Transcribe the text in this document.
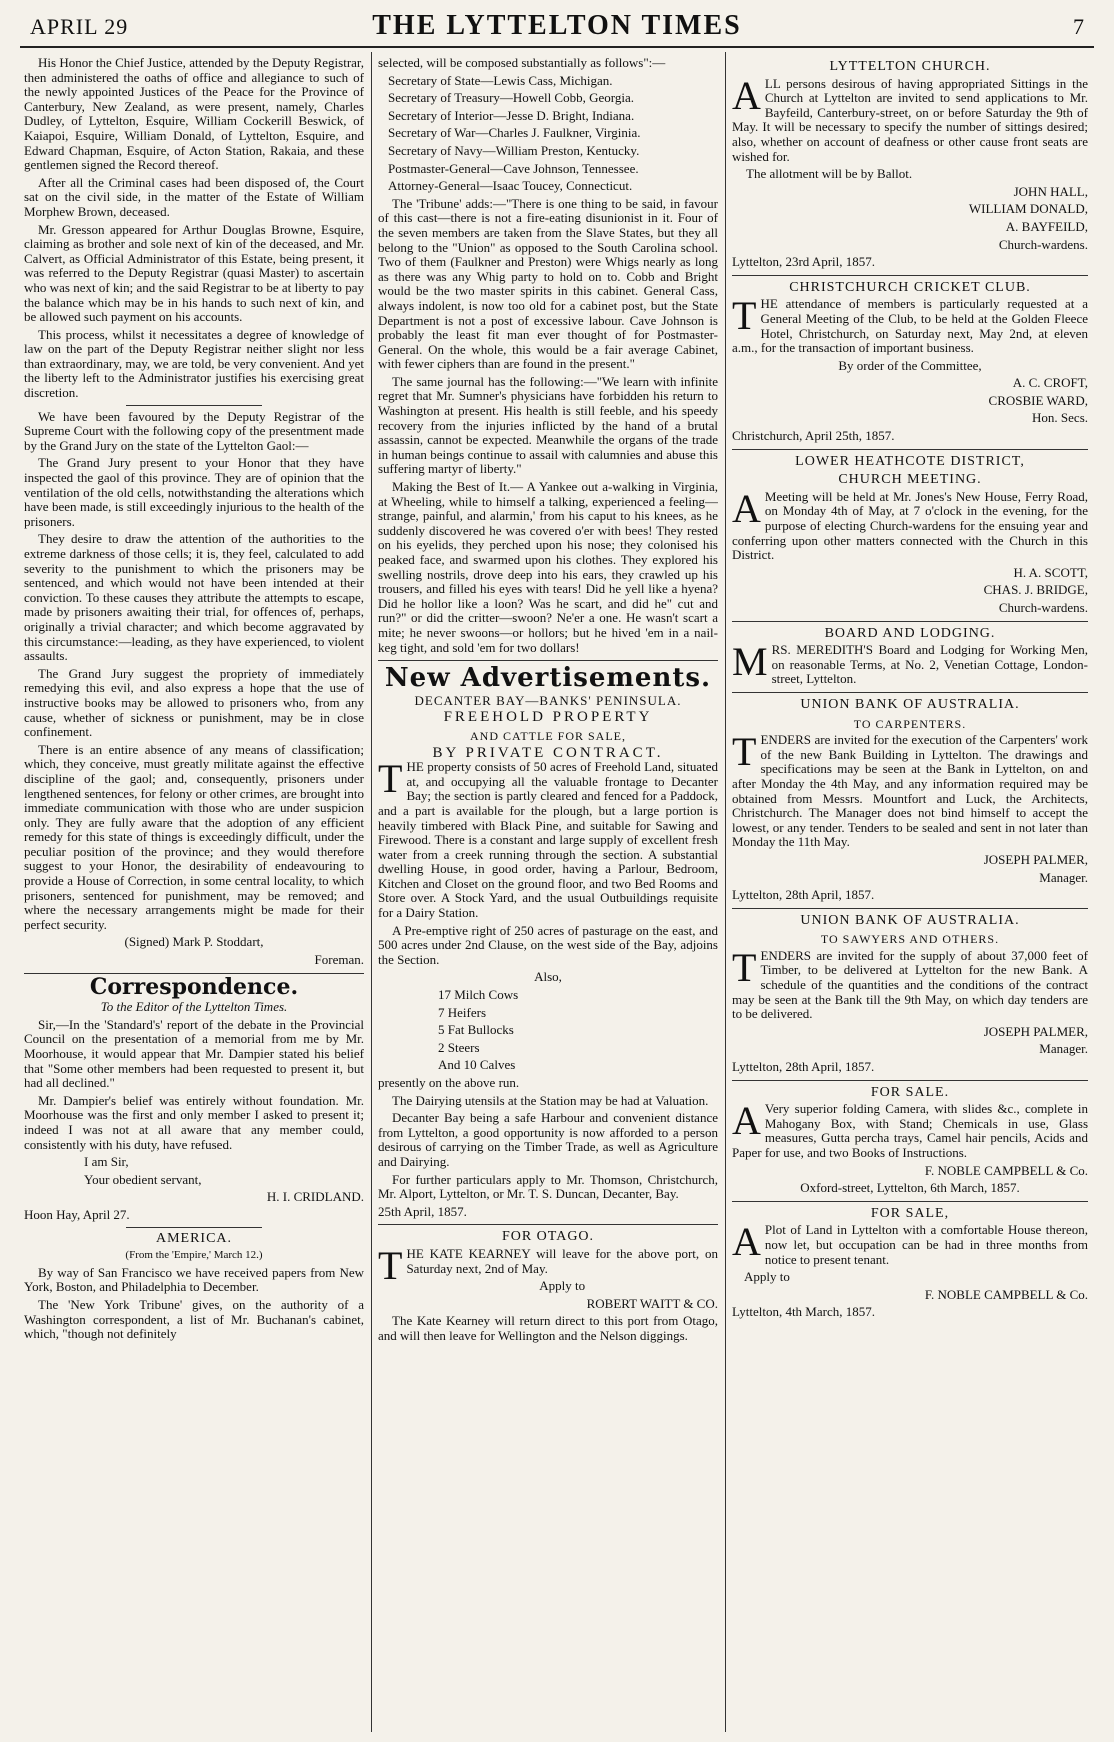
APRIL 29	THE LYTTELTON TIMES	7

His Honor the Chief Justice, attended by the Deputy Registrar, then administered the oaths of office and allegiance to such of the newly appointed Justices of the Peace for the Province of Canterbury, New Zealand, as were present, namely, Charles Dudley, of Lyttelton, Esquire, William Cockerill Beswick, of Kaiapoi, Esquire, William Donald, of Lyttelton, Esquire, and Edward Chapman, Esquire, of Acton Station, Rakaia, and these gentlemen signed the Record thereof.

After all the Criminal cases had been disposed of, the Court sat on the civil side, in the matter of the Estate of William Morphew Brown, deceased.

Mr. Gresson appeared for Arthur Douglas Browne, Esquire, claiming as brother and sole next of kin of the deceased, and Mr. Calvert, as Official Administrator of this Estate, being present, it was referred to the Deputy Registrar (quasi Master) to ascertain who was next of kin; and the said Registrar to be at liberty to pay the balance which may be in his hands to such next of kin, and be allowed such payment on his accounts.

This process, whilst it necessitates a degree of knowledge of law on the part of the Deputy Registrar neither slight nor less than extraordinary, may, we are told, be very convenient. And yet the liberty left to the Administrator justifies his exercising great discretion.

We have been favoured by the Deputy Registrar of the Supreme Court with the following copy of the presentment made by the Grand Jury on the state of the Lyttelton Gaol:—

The Grand Jury present to your Honor that they have inspected the gaol of this province. They are of opinion that the ventilation of the old cells, notwithstanding the alterations which have been made, is still exceedingly injurious to the health of the prisoners.

They desire to draw the attention of the authorities to the extreme darkness of those cells; it is, they feel, calculated to add severity to the punishment to which the prisoners may be sentenced, and which would not have been intended at their conviction. To these causes they attribute the attempts to escape, made by prisoners awaiting their trial, for offences of, perhaps, originally a trivial character; and which become aggravated by this circumstance:—leading, as they have experienced, to violent assaults.

The Grand Jury suggest the propriety of immediately remedying this evil, and also express a hope that the use of instructive books may be allowed to prisoners who, from any cause, whether of sickness or punishment, may be in close confinement.

There is an entire absence of any means of classification; which, they conceive, must greatly militate against the effective discipline of the gaol; and, consequently, prisoners under lengthened sentences, for felony or other crimes, are brought into immediate communication with those who are under suspicion only. They are fully aware that the adoption of any efficient remedy for this state of things is exceedingly difficult, under the peculiar position of the province; and they would therefore suggest to your Honor, the desirability of endeavouring to provide a House of Correction, in some central locality, to which prisoners, sentenced for punishment, may be removed; and where the necessary arrangements might be made for their perfect security.

(Signed) Mark P. Stoddart,

Foreman.

Correspondence.

To the Editor of the Lyttelton Times.

Sir,—In the 'Standard's' report of the debate in the Provincial Council on the presentation of a memorial from me by Mr. Moorhouse, it would appear that Mr. Dampier stated his belief that "Some other members had been requested to present it, but had all declined."

Mr. Dampier's belief was entirely without foundation. Mr. Moorhouse was the first and only member I asked to present it; indeed I was not at all aware that any member could, consistently with his duty, have refused.

I am Sir,

Your obedient servant,

H. I. CRIDLAND.

Hoon Hay, April 27.

AMERICA.

(From the 'Empire,' March 12.)

By way of San Francisco we have received papers from New York, Boston, and Philadelphia to December.

The 'New York Tribune' gives, on the authority of a Washington correspondent, a list of Mr. Buchanan's cabinet, which, "though not definitely

selected, will be composed substantially as follows":—

Secretary of State—Lewis Cass, Michigan.

Secretary of Treasury—Howell Cobb, Georgia.

Secretary of Interior—Jesse D. Bright, Indiana.

Secretary of War—Charles J. Faulkner, Virginia.

Secretary of Navy—William Preston, Kentucky.

Postmaster-General—Cave Johnson, Tennessee.

Attorney-General—Isaac Toucey, Connecticut.

The 'Tribune' adds:—"There is one thing to be said, in favour of this cast—there is not a fire-eating disunionist in it. Four of the seven members are taken from the Slave States, but they all belong to the "Union" as opposed to the South Carolina school. Two of them (Faulkner and Preston) were Whigs nearly as long as there was any Whig party to hold on to. Cobb and Bright would be the two master spirits in this cabinet. General Cass, always indolent, is now too old for a cabinet post, but the State Department is not a post of excessive labour. Cave Johnson is probably the least fit man ever thought of for Postmaster-General. On the whole, this would be a fair average Cabinet, with fewer ciphers than are found in the present."

The same journal has the following:—"We learn with infinite regret that Mr. Sumner's physicians have forbidden his return to Washington at present. His health is still feeble, and his speedy recovery from the injuries inflicted by the hand of a brutal assassin, cannot be expected. Meanwhile the organs of the trade in human beings continue to assail with calumnies and abuse this suffering martyr of liberty."

Making the Best of It.— A Yankee out a-walking in Virginia, at Wheeling, while to himself a talking, experienced a feeling—strange, painful, and alarmin,' from his caput to his knees, as he suddenly discovered he was covered o'er with bees! They rested on his eyelids, they perched upon his nose; they colonised his peaked face, and swarmed upon his clothes. They explored his swelling nostrils, drove deep into his ears, they crawled up his trousers, and filled his eyes with tears! Did he yell like a hyena? Did he hollor like a loon? Was he scart, and did he" cut and run?" or did the critter—swoon? Ne'er a one. He wasn't scart a mite; he never swoons—or hollors; but he hived 'em in a nail-keg tight, and sold 'em for two dollars!

New Advertisements.
DECANTER BAY—BANKS' PENINSULA.
FREEHOLD PROPERTY
AND CATTLE FOR SALE,
BY PRIVATE CONTRACT.

THE property consists of 50 acres of Freehold Land, situated at, and occupying all the valuable frontage to Decanter Bay; the section is partly cleared and fenced for a Paddock, and a part is available for the plough, but a large portion is heavily timbered with Black Pine, and suitable for Sawing and Firewood. There is a constant and large supply of excellent fresh water from a creek running through the section. A substantial dwelling House, in good order, having a Parlour, Bedroom, Kitchen and Closet on the ground floor, and two Bed Rooms and Store over. A Stock Yard, and the usual Outbuildings requisite for a Dairy Station.

A Pre-emptive right of 250 acres of pasturage on the east, and 500 acres under 2nd Clause, on the west side of the Bay, adjoins the Section.

Also,

17 Milch Cows

7 Heifers

5 Fat Bullocks

2 Steers

And 10 Calves

presently on the above run.

The Dairying utensils at the Station may be had at Valuation.

Decanter Bay being a safe Harbour and convenient distance from Lyttelton, a good opportunity is now afforded to a person desirous of carrying on the Timber Trade, as well as Agriculture and Dairying.

For further particulars apply to Mr. Thomson, Christchurch, Mr. Alport, Lyttelton, or Mr. T. S. Duncan, Decanter, Bay.

25th April, 1857.

FOR OTAGO.

THE KATE KEARNEY will leave for the above port, on Saturday next, 2nd of May.

Apply to

ROBERT WAITT & CO.

The Kate Kearney will return direct to this port from Otago, and will then leave for Wellington and the Nelson diggings.

LYTTELTON CHURCH.

ALL persons desirous of having appropriated Sittings in the Church at Lyttelton are invited to send applications to Mr. Bayfeild, Canterbury-street, on or before Saturday the 9th of May. It will be necessary to specify the number of sittings desired; also, whether on account of deafness or other cause front seats are wished for.

The allotment will be by Ballot.

JOHN HALL,

WILLIAM DONALD,

A. BAYFEILD,

Church-wardens.

Lyttelton, 23rd April, 1857.

CHRISTCHURCH CRICKET CLUB.

THE attendance of members is particularly requested at a General Meeting of the Club, to be held at the Golden Fleece Hotel, Christchurch, on Saturday next, May 2nd, at eleven a.m., for the transaction of important business.

By order of the Committee,

A. C. CROFT,

CROSBIE WARD,

Hon. Secs.

Christchurch, April 25th, 1857.

LOWER HEATHCOTE DISTRICT,
CHURCH MEETING.

A Meeting will be held at Mr. Jones's New House, Ferry Road, on Monday 4th of May, at 7 o'clock in the evening, for the purpose of electing Church-wardens for the ensuing year and conferring upon other matters connected with the Church in this District.

H. A. SCOTT,

CHAS. J. BRIDGE,

Church-wardens.

BOARD AND LODGING.

MRS. MEREDITH'S Board and Lodging for Working Men, on reasonable Terms, at No. 2, Venetian Cottage, London-street, Lyttelton.

UNION BANK OF AUSTRALIA.
TO CARPENTERS.

TENDERS are invited for the execution of the Carpenters' work of the new Bank Building in Lyttelton. The drawings and specifications may be seen at the Bank in Lyttelton, on and after Monday the 4th May, and any information required may be obtained from Messrs. Mountfort and Luck, the Architects, Christchurch. The Manager does not bind himself to accept the lowest, or any tender. Tenders to be sealed and sent in not later than Monday the 11th May.

JOSEPH PALMER,

Manager.

Lyttelton, 28th April, 1857.

UNION BANK OF AUSTRALIA.
TO SAWYERS AND OTHERS.

TENDERS are invited for the supply of about 37,000 feet of Timber, to be delivered at Lyttelton for the new Bank. A schedule of the quantities and the conditions of the contract may be seen at the Bank till the 9th May, on which day tenders are to be delivered.

JOSEPH PALMER,

Manager.

Lyttelton, 28th April, 1857.

FOR SALE.

A Very superior folding Camera, with slides &c., complete in Mahogany Box, with Stand; Chemicals in use, Glass measures, Gutta percha trays, Camel hair pencils, Acids and Paper for use, and two Books of Instructions.

F. NOBLE CAMPBELL & Co.

Oxford-street, Lyttelton, 6th March, 1857.

FOR SALE,

A Plot of Land in Lyttelton with a comfortable House thereon, now let, but occupation can be had in three months from notice to present tenant.

Apply to

F. NOBLE CAMPBELL & Co.

Lyttelton, 4th March, 1857.
